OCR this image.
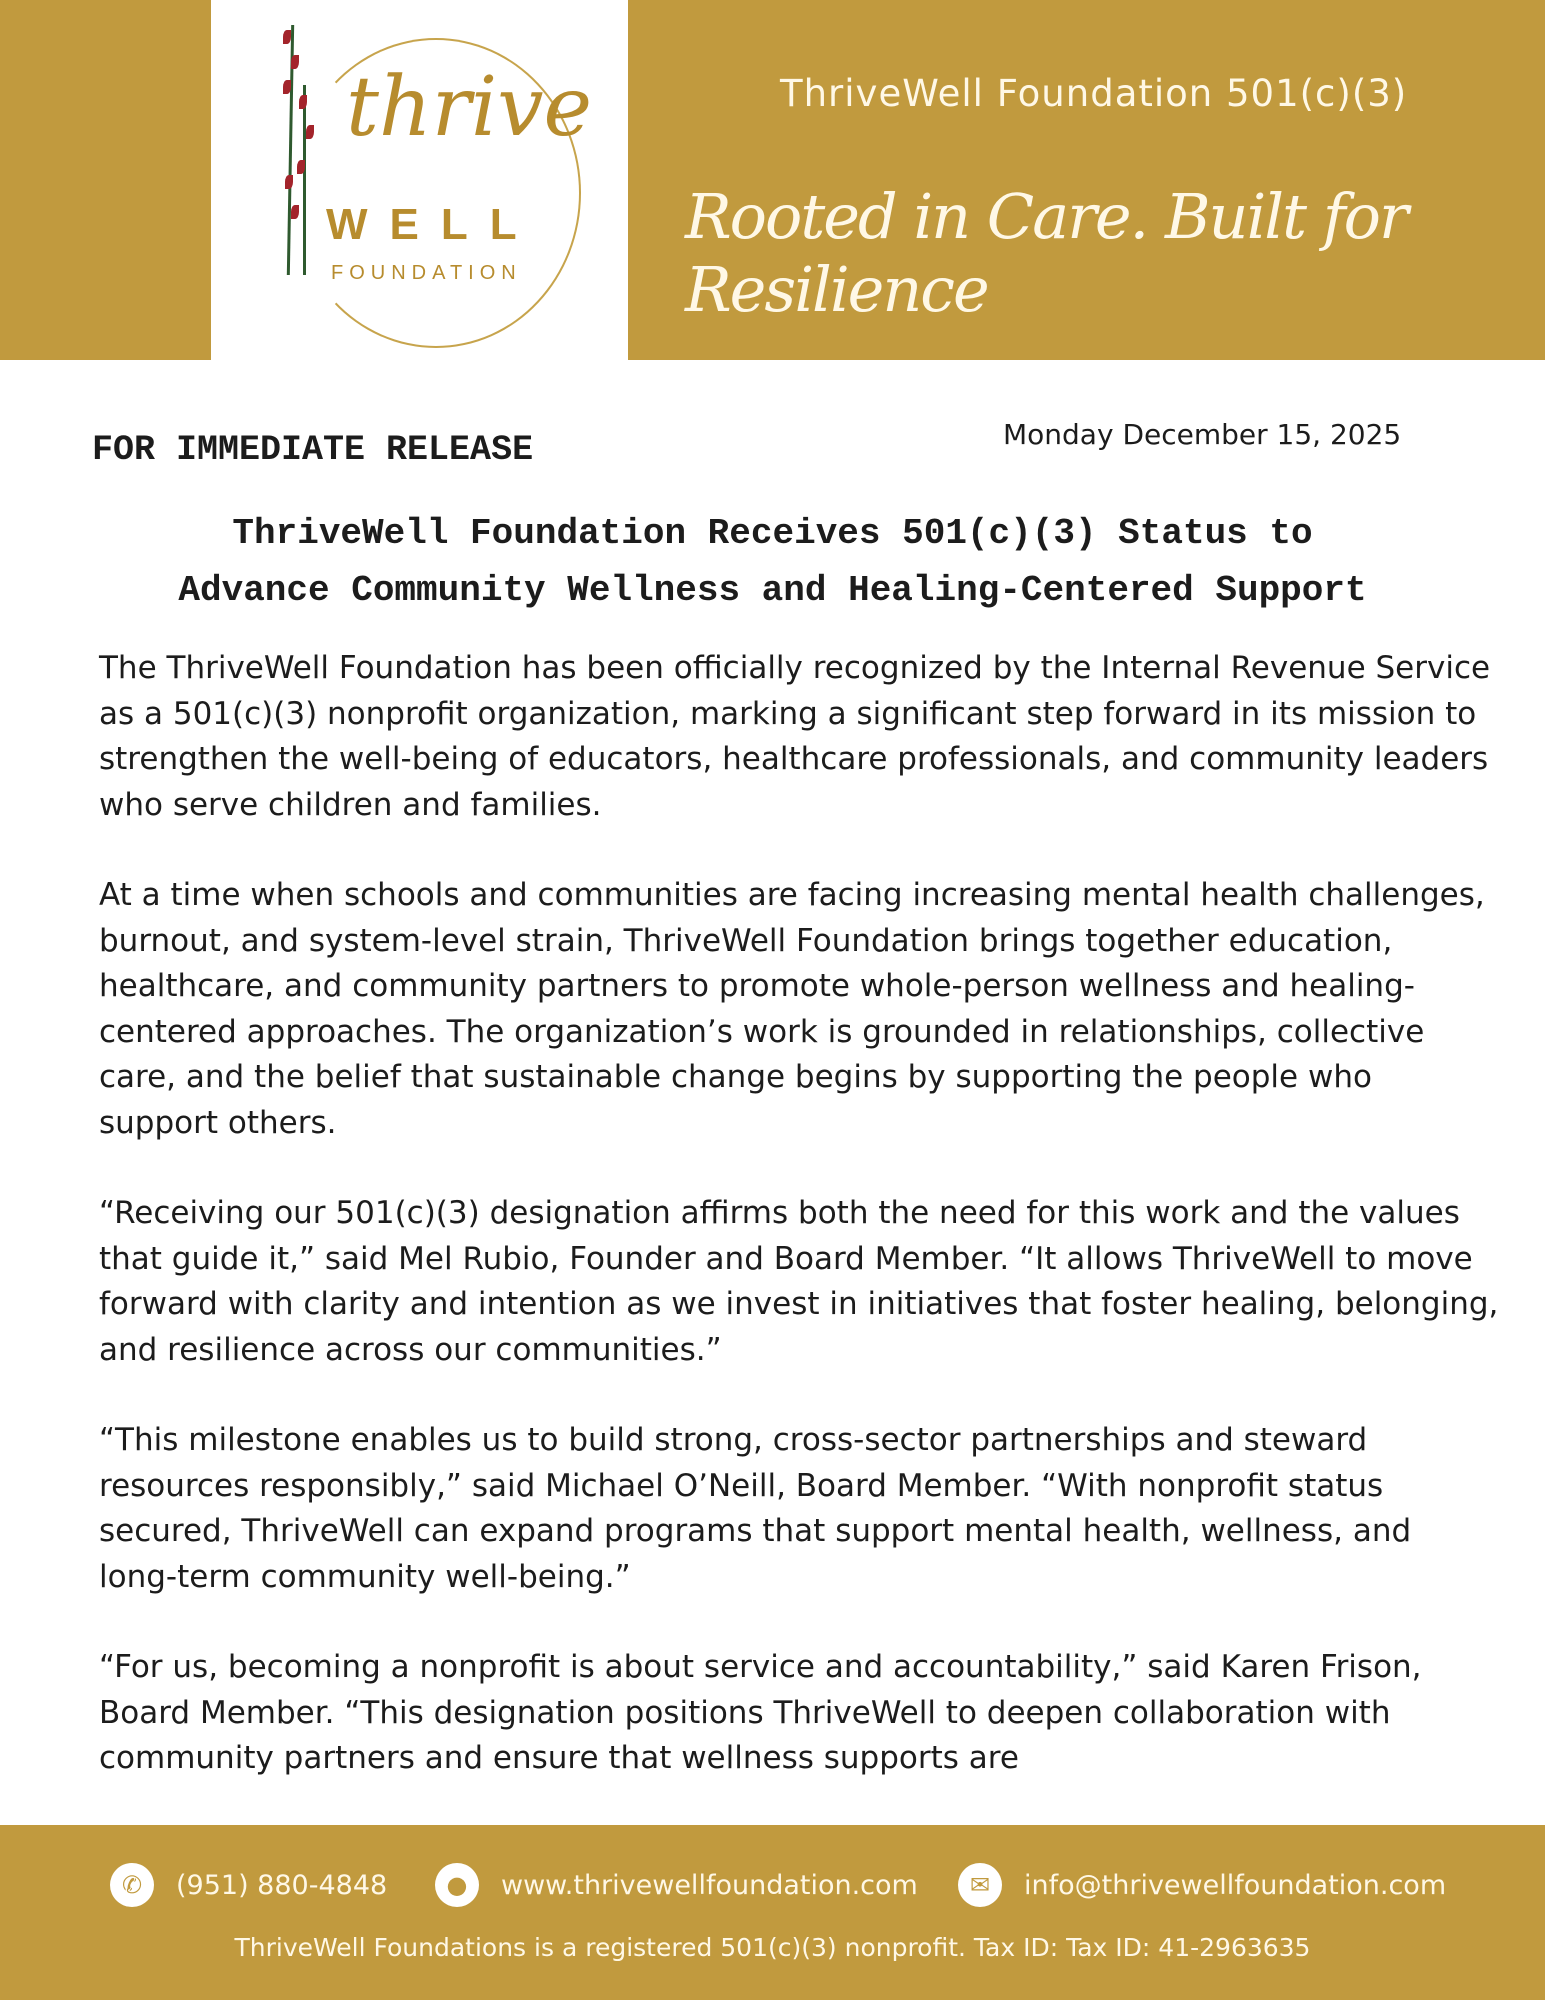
thrive
WELL
FOUNDATION
ThriveWell Foundation 501(c)(3)
Rooted in Care. Built for Resilience
FOR IMMEDIATE RELEASE	Monday December 15, 2025
ThriveWell Foundation Receives 501(c)(3) Status to
Advance Community Wellness and Healing-Centered Support

The ThriveWell Foundation has been officially recognized by the Internal Revenue Service as a 501(c)(3) nonprofit organization, marking a significant step forward in its mission to strengthen the well-being of educators, healthcare professionals, and community leaders who serve children and families.

At a time when schools and communities are facing increasing mental health challenges, burnout, and system-level strain, ThriveWell Foundation brings together education, healthcare, and community partners to promote whole-person wellness and healing-centered approaches. The organization’s work is grounded in relationships, collective care, and the belief that sustainable change begins by supporting the people who support others.

“Receiving our 501(c)(3) designation affirms both the need for this work and the values that guide it,” said Mel Rubio, Founder and Board Member. “It allows ThriveWell to move forward with clarity and intention as we invest in initiatives that foster healing, belonging, and resilience across our communities.”

“This milestone enables us to build strong, cross-sector partnerships and steward resources responsibly,” said Michael O’Neill, Board Member. “With nonprofit status secured, ThriveWell can expand programs that support mental health, wellness, and long-term community well-being.”

“For us, becoming a nonprofit is about service and accountability,” said Karen Frison, Board Member. “This designation positions ThriveWell to deepen collaboration with community partners and ensure that wellness supports are

✆	(951) 880-4848	●	www.thrivewellfoundation.com	✉	info@thrivewellfoundation.com
ThriveWell Foundations is a registered 501(c)(3) nonprofit. Tax ID: Tax ID: 41-2963635
